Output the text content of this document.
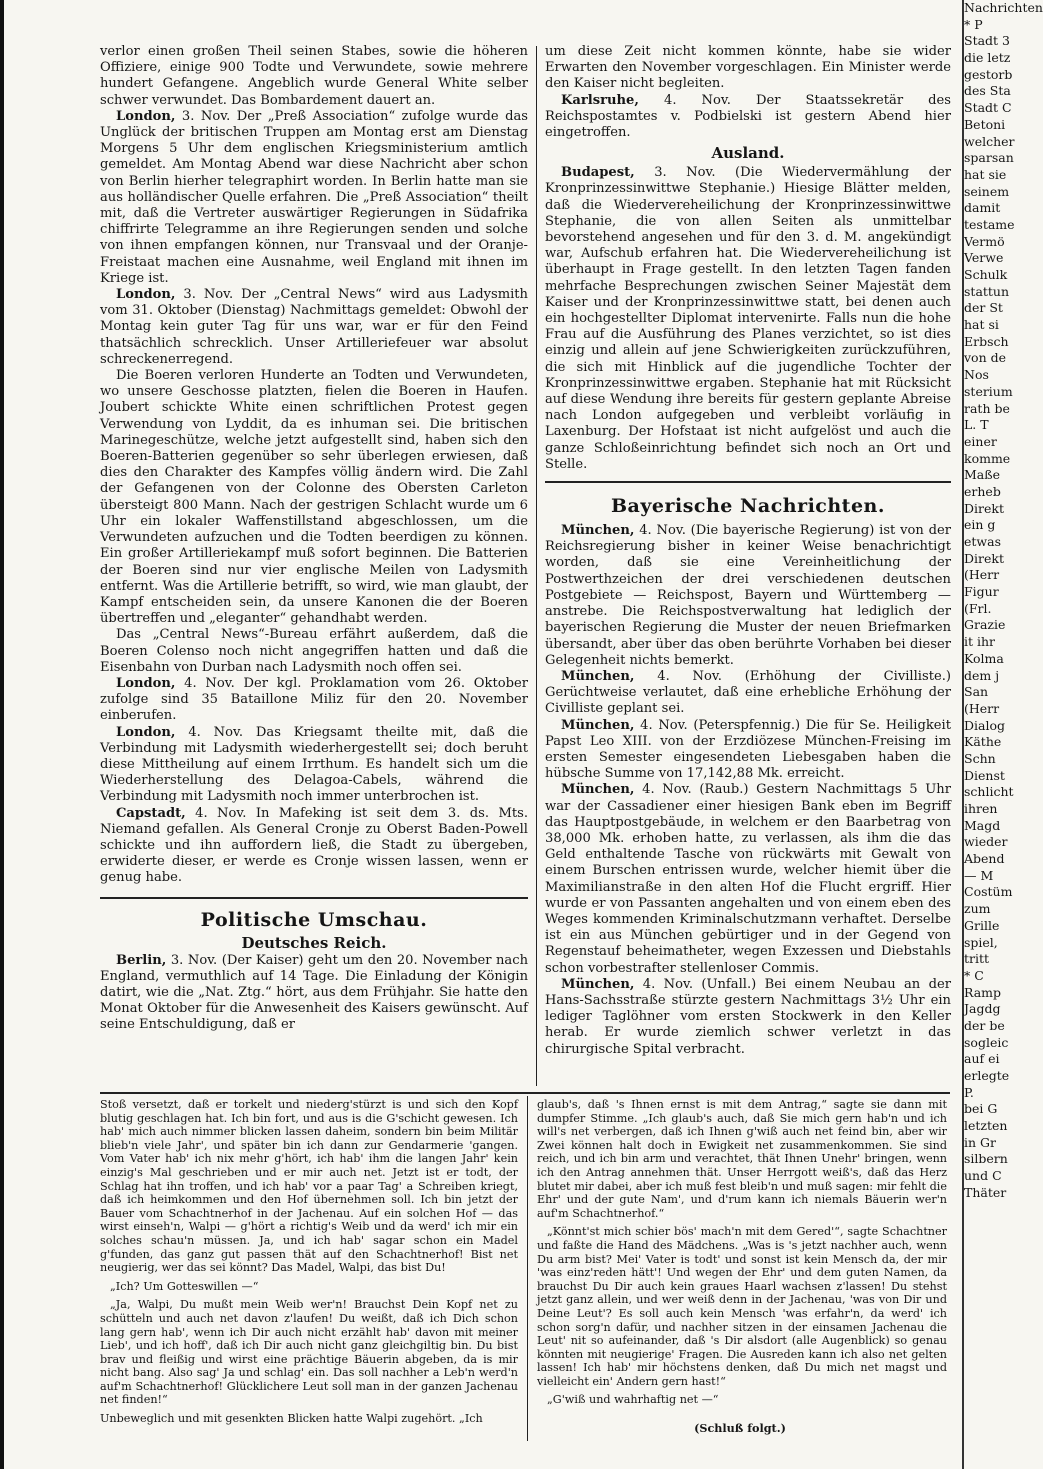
verlor einen großen Theil seinen Stabes, sowie die höheren Offiziere, einige 900 Todte und Verwundete, sowie mehrere hundert Gefangene. Angeblich wurde General White selber schwer verwundet. Das Bombardement dauert an.

London, 3. Nov. Der „Preß Association“ zufolge wurde das Unglück der britischen Truppen am Montag erst am Dienstag Morgens 5 Uhr dem englischen Kriegsministerium amtlich gemeldet. Am Montag Abend war diese Nachricht aber schon von Berlin hierher telegraphirt worden. In Berlin hatte man sie aus holländischer Quelle erfahren. Die „Preß Association“ theilt mit, daß die Vertreter auswärtiger Regierungen in Südafrika chiffrirte Telegramme an ihre Regierungen senden und solche von ihnen empfangen können, nur Transvaal und der Oranje-Freistaat machen eine Ausnahme, weil England mit ihnen im Kriege ist.

London, 3. Nov. Der „Central News“ wird aus Ladysmith vom 31. Oktober (Dienstag) Nachmittags gemeldet: Obwohl der Montag kein guter Tag für uns war, war er für den Feind thatsächlich schrecklich. Unser Artilleriefeuer war absolut schreckenerregend.

Die Boeren verloren Hunderte an Todten und Verwundeten, wo unsere Geschosse platzten, fielen die Boeren in Haufen. Joubert schickte White einen schriftlichen Protest gegen Verwendung von Lyddit, da es inhuman sei. Die britischen Marinegeschütze, welche jetzt aufgestellt sind, haben sich den Boeren-Batterien gegenüber so sehr überlegen erwiesen, daß dies den Charakter des Kampfes völlig ändern wird. Die Zahl der Gefangenen von der Colonne des Obersten Carleton übersteigt 800 Mann. Nach der gestrigen Schlacht wurde um 6 Uhr ein lokaler Waffenstillstand abgeschlossen, um die Verwundeten aufzuchen und die Todten beerdigen zu können. Ein großer Artilleriekampf muß sofort beginnen. Die Batterien der Boeren sind nur vier englische Meilen von Ladysmith entfernt. Was die Artillerie betrifft, so wird, wie man glaubt, der Kampf entscheiden sein, da unsere Kanonen die der Boeren übertreffen und „eleganter“ gehandhabt werden.

Das „Central News“-Bureau erfährt außerdem, daß die Boeren Colenso noch nicht angegriffen hatten und daß die Eisenbahn von Durban nach Ladysmith noch offen sei.

London, 4. Nov. Der kgl. Proklamation vom 26. Oktober zufolge sind 35 Bataillone Miliz für den 20. November einberufen.

London, 4. Nov. Das Kriegsamt theilte mit, daß die Verbindung mit Ladysmith wiederhergestellt sei; doch beruht diese Mittheilung auf einem Irrthum. Es handelt sich um die Wiederherstellung des Delagoa-Cabels, während die Verbindung mit Ladysmith noch immer unterbrochen ist.

Capstadt, 4. Nov. In Mafeking ist seit dem 3. ds. Mts. Niemand gefallen. Als General Cronje zu Oberst Baden-Powell schickte und ihn auffordern ließ, die Stadt zu übergeben, erwiderte dieser, er werde es Cronje wissen lassen, wenn er genug habe.

Politische Umschau.

Deutsches Reich.

Berlin, 3. Nov. (Der Kaiser) geht um den 20. November nach England, vermuthlich auf 14 Tage. Die Einladung der Königin datirt, wie die „Nat. Ztg.“ hört, aus dem Frühjahr. Sie hatte den Monat Oktober für die Anwesenheit des Kaisers gewünscht. Auf seine Entschuldigung, daß er

um diese Zeit nicht kommen könnte, habe sie wider Erwarten den November vorgeschlagen. Ein Minister werde den Kaiser nicht begleiten.

Karlsruhe, 4. Nov. Der Staatssekretär des Reichspostamtes v. Podbielski ist gestern Abend hier eingetroffen.

Ausland.

Budapest, 3. Nov. (Die Wiedervermählung der Kronprinzessinwittwe Stephanie.) Hiesige Blätter melden, daß die Wiedervereheilichung der Kronprinzessinwittwe Stephanie, die von allen Seiten als unmittelbar bevorstehend angesehen und für den 3. d. M. angekündigt war, Aufschub erfahren hat. Die Wiedervereheilichung ist überhaupt in Frage gestellt. In den letzten Tagen fanden mehrfache Besprechungen zwischen Seiner Majestät dem Kaiser und der Kronprinzessinwittwe statt, bei denen auch ein hochgestellter Diplomat intervenirte. Falls nun die hohe Frau auf die Ausführung des Planes verzichtet, so ist dies einzig und allein auf jene Schwierigkeiten zurückzuführen, die sich mit Hinblick auf die jugendliche Tochter der Kronprinzessinwittwe ergaben. Stephanie hat mit Rücksicht auf diese Wendung ihre bereits für gestern geplante Abreise nach London aufgegeben und verbleibt vorläufig in Laxenburg. Der Hofstaat ist nicht aufgelöst und auch die ganze Schloßeinrichtung befindet sich noch an Ort und Stelle.

Bayerische Nachrichten.

München, 4. Nov. (Die bayerische Regierung) ist von der Reichsregierung bisher in keiner Weise benachrichtigt worden, daß sie eine Vereinheitlichung der Postwerthzeichen der drei verschiedenen deutschen Postgebiete — Reichspost, Bayern und Württemberg — anstrebe. Die Reichspostverwaltung hat lediglich der bayerischen Regierung die Muster der neuen Briefmarken übersandt, aber über das oben berührte Vorhaben bei dieser Gelegenheit nichts bemerkt.

München, 4. Nov. (Erhöhung der Civilliste.) Gerüchtweise verlautet, daß eine erhebliche Erhöhung der Civilliste geplant sei.

München, 4. Nov. (Peterspfennig.) Die für Se. Heiligkeit Papst Leo XIII. von der Erzdiözese München-Freising im ersten Semester eingesendeten Liebesgaben haben die hübsche Summe von 17,142,88 Mk. erreicht.

München, 4. Nov. (Raub.) Gestern Nachmittags 5 Uhr war der Cassadiener einer hiesigen Bank eben im Begriff das Hauptpostgebäude, in welchem er den Baarbetrag von 38,000 Mk. erhoben hatte, zu verlassen, als ihm die das Geld enthaltende Tasche von rückwärts mit Gewalt von einem Burschen entrissen wurde, welcher hiemit über die Maximilianstraße in den alten Hof die Flucht ergriff. Hier wurde er von Passanten angehalten und von einem eben des Weges kommenden Kriminalschutzmann verhaftet. Derselbe ist ein aus München gebürtiger und in der Gegend von Regenstauf beheimatheter, wegen Exzessen und Diebstahls schon vorbestrafter stellenloser Commis.

München, 4. Nov. (Unfall.) Bei einem Neubau an der Hans-Sachsstraße stürzte gestern Nachmittags 3½ Uhr ein lediger Taglöhner vom ersten Stockwerk in den Keller herab. Er wurde ziemlich schwer verletzt in das chirurgische Spital verbracht.

Stoß versetzt, daß er torkelt und niederg'stürzt is und sich den Kopf blutig geschlagen hat. Ich bin fort, und aus is die G'schicht gewesen. Ich hab' mich auch nimmer blicken lassen daheim, sondern bin beim Militär blieb'n viele Jahr', und später bin ich dann zur Gendarmerie 'gangen. Vom Vater hab' ich nix mehr g'hört, ich hab' ihm die langen Jahr' kein einzig's Mal geschrieben und er mir auch net. Jetzt ist er todt, der Schlag hat ihn troffen, und ich hab' vor a paar Tag' a Schreiben kriegt, daß ich heimkommen und den Hof übernehmen soll. Ich bin jetzt der Bauer vom Schachtnerhof in der Jachenau. Auf ein solchen Hof — das wirst einseh'n, Walpi — g'hört a richtig's Weib und da werd' ich mir ein solches schau'n müssen. Ja, und ich hab' sagar schon ein Madel g'funden, das ganz gut passen thät auf den Schachtnerhof! Bist net neugierig, wer das sei könnt? Das Madel, Walpi, das bist Du!

„Ich? Um Gotteswillen —“

„Ja, Walpi, Du mußt mein Weib wer'n! Brauchst Dein Kopf net zu schütteln und auch net davon z'laufen! Du weißt, daß ich Dich schon lang gern hab', wenn ich Dir auch nicht erzählt hab' davon mit meiner Lieb', und ich hoff', daß ich Dir auch nicht ganz gleichgiltig bin. Du bist brav und fleißig und wirst eine prächtige Bäuerin abgeben, da is mir nicht bang. Also sag' Ja und schlag' ein. Das soll nachher a Leb'n werd'n auf'm Schachtnerhof! Glücklichere Leut soll man in der ganzen Jachenau net finden!“

Unbeweglich und mit gesenkten Blicken hatte Walpi zugehört. „Ich

glaub's, daß 's Ihnen ernst is mit dem Antrag,“ sagte sie dann mit dumpfer Stimme. „Ich glaub's auch, daß Sie mich gern hab'n und ich will's net verbergen, daß ich Ihnen g'wiß auch net feind bin, aber wir Zwei können halt doch in Ewigkeit net zusammenkommen. Sie sind reich, und ich bin arm und verachtet, thät Ihnen Unehr' bringen, wenn ich den Antrag annehmen thät. Unser Herrgott weiß's, daß das Herz blutet mir dabei, aber ich muß fest bleib'n und muß sagen: mir fehlt die Ehr' und der gute Nam', und d'rum kann ich niemals Bäuerin wer'n auf'm Schachtnerhof.“

„Könnt'st mich schier bös' mach'n mit dem Gered'“, sagte Schachtner und faßte die Hand des Mädchens. „Was is 's jetzt nachher auch, wenn Du arm bist? Mei' Vater is todt' und sonst ist kein Mensch da, der mir 'was einz'reden hätt'! Und wegen der Ehr' und dem guten Namen, da brauchst Du Dir auch kein graues Haarl wachsen z'lassen! Du stehst jetzt ganz allein, und wer weiß denn in der Jachenau, 'was von Dir und Deine Leut'? Es soll auch kein Mensch 'was erfahr'n, da werd' ich schon sorg'n dafür, und nachher sitzen in der einsamen Jachenau die Leut' nit so aufeinander, daß 's Dir alsdort (alle Augenblick) so genau könnten mit neugierige' Fragen. Die Ausreden kann ich also net gelten lassen! Ich hab' mir höchstens denken, daß Du mich net magst und vielleicht ein' Andern gern hast!“

„G'wiß und wahrhaftig net —“

(Schluß folgt.)
Nachrichten
* P
Stadt 3
die letz
gestorb
des Sta
Stadt C
Betoni
welcher
sparsan
hat sie
seinem
damit
testame
Vermö
Verwe
Schulk
stattun
der St
hat si
Erbsch
von de
Nos
sterium
rath be
L. T
einer
komme
Maße
erheb
Direkt
ein g
etwas
Direkt
(Herr
Figur
(Frl.
Grazie
it ihr
Kolma
dem j
San
(Herr
Dialog
Käthe
Schn
Dienst
schlicht
ihren
Magd
wieder
Abend
— M
Costüm
zum
Grille
spiel,
tritt
* C
Ramp
Jagdg
der be
sogleic
auf ei
erlegte
P.
bei G
letzten
in Gr
silbern
und C
Thäter
